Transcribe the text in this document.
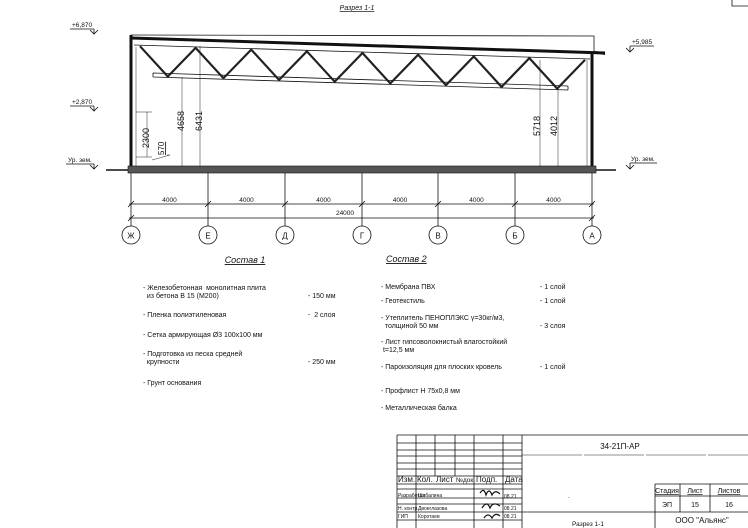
Разрез 1-1
+6,870
+2,870
Ур. зем.
+5,985
Ур. зем.
2300
570
4658 6431	5718 4012
Ж
4000
Е
4000
Д
4000
Г
4000
В
4000
Б
4000
А
24000
Состав 1
- Железобетонная  монолитная плита
из бетона В 15 (М200)	- 150 мм
- Пленка полиэтиленовая	-  2 слоя
- Сетка армирующая Ø3 100х100 мм
- Подготовка из песка средней
крупности	- 250 мм
- Грунт основания
Состав 2
- Мембрана ПВХ	- 1 слой
- Геотекстиль	- 1 слой
- Утеплитель ПЕНОПЛЭКС γ=30кг/м3,
толщиной 50 мм	- 3 слоя
- Лист гипсоволокнистый влагостойкий
t=12,5 мм
- Пароизоляция для плоских кровель	- 1 слой
- Профлист Н 75х0,8 мм
- Металлическая балка
34-21П-АР
Изм. Кол. Лист №док. Подп. Дата
Разработал
Шабалина	08.21
Н. контр. Двоеглазова	08.21
ГИП Коротаев	08.21
.
Стадия Лист Листов
ЭП	15	16
Разрез 1-1	ООО "Альянс"
